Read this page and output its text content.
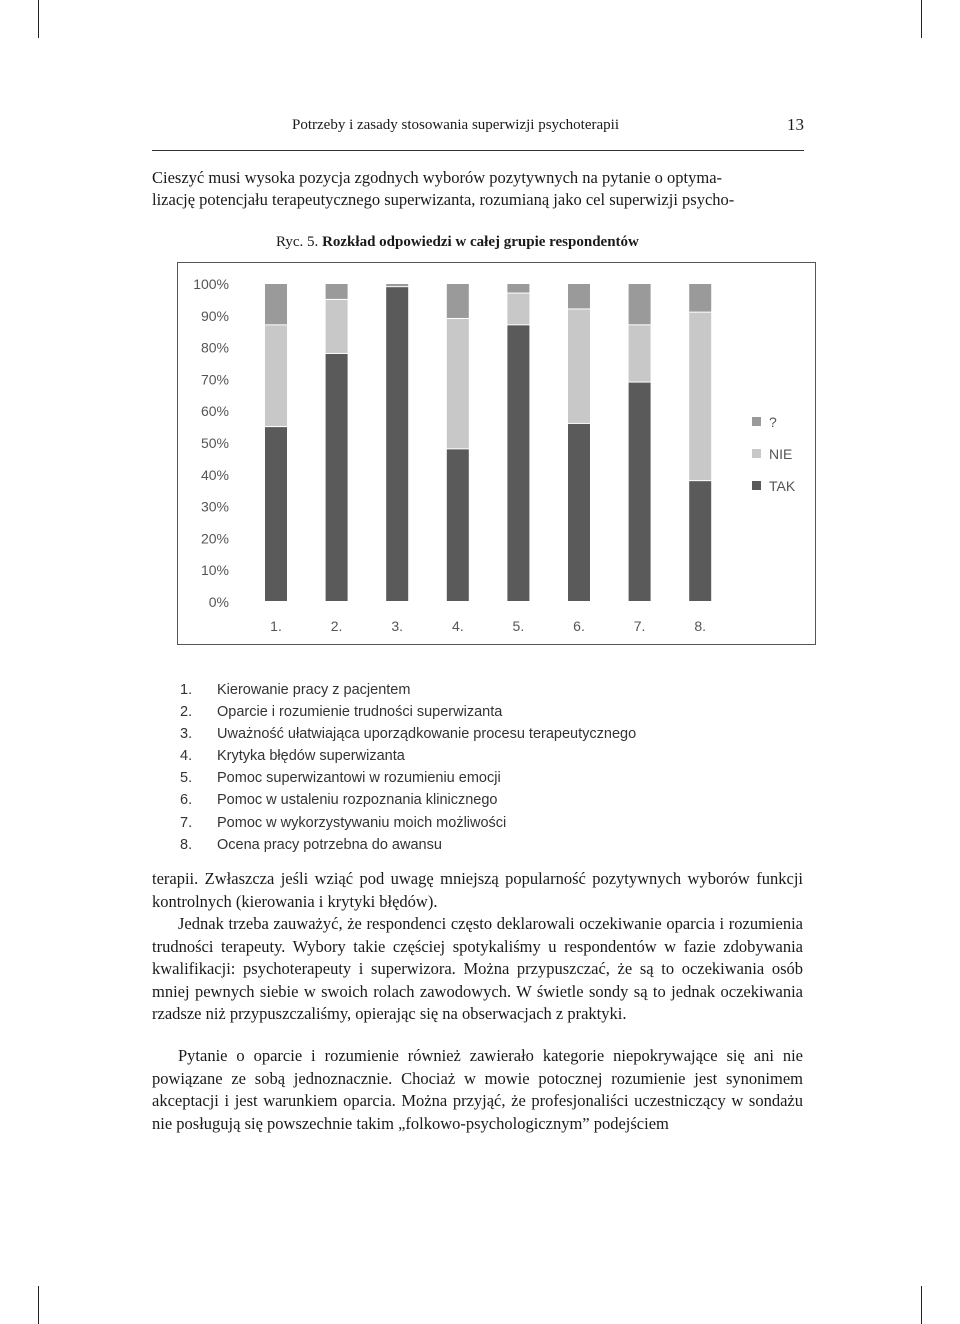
Potrzeby i zasady stosowania superwizji psychoterapii	13
Cieszyć musi wysoka pozycja zgodnych wyborów pozytywnych na pytanie o optyma-
lizację potencjału terapeutycznego superwizanta, rozumianą jako cel superwizji psycho-
Ryc. 5. Rozkład odpowiedzi w całej grupie respondentów
0%
10%
20%
30%
40%
50%
60%
70%
80%
90%
100%
1.	2.	3.	4.	5.	6.	7.	8.
?
NIE
TAK
1. Kierowanie pracy z pacjentem
2. Oparcie i rozumienie trudności superwizanta
3. Uważność ułatwiająca uporządkowanie procesu terapeutycznego
4. Krytyka błędów superwizanta
5. Pomoc superwizantowi w rozumieniu emocji
6. Pomoc w ustaleniu rozpoznania klinicznego
7. Pomoc w wykorzystywaniu moich możliwości
8. Ocena pracy potrzebna do awansu

terapii. Zwłaszcza jeśli wziąć pod uwagę mniejszą popularność pozytywnych wyborów funkcji kontrolnych (kierowania i krytyki błędów).

Jednak trzeba zauważyć, że respondenci często deklarowali oczekiwanie oparcia i rozumienia trudności terapeuty. Wybory takie częściej spotykaliśmy u respondentów w fazie zdobywania kwalifikacji: psychoterapeuty i superwizora. Można przypuszczać, że są to oczekiwania osób mniej pewnych siebie w swoich rolach zawodowych. W świetle sondy są to jednak oczekiwania rzadsze niż przypuszczaliśmy, opierając się na obserwacjach z praktyki.

Pytanie o oparcie i rozumienie również zawierało kategorie niepokrywające się ani nie powiązane ze sobą jednoznacznie. Chociaż w mowie potocznej rozumienie jest synonimem akceptacji i jest warunkiem oparcia. Można przyjąć, że profesjonaliści uczestniczący w sondażu nie posługują się powszechnie takim „folkowo-psychologicznym” podejściem
